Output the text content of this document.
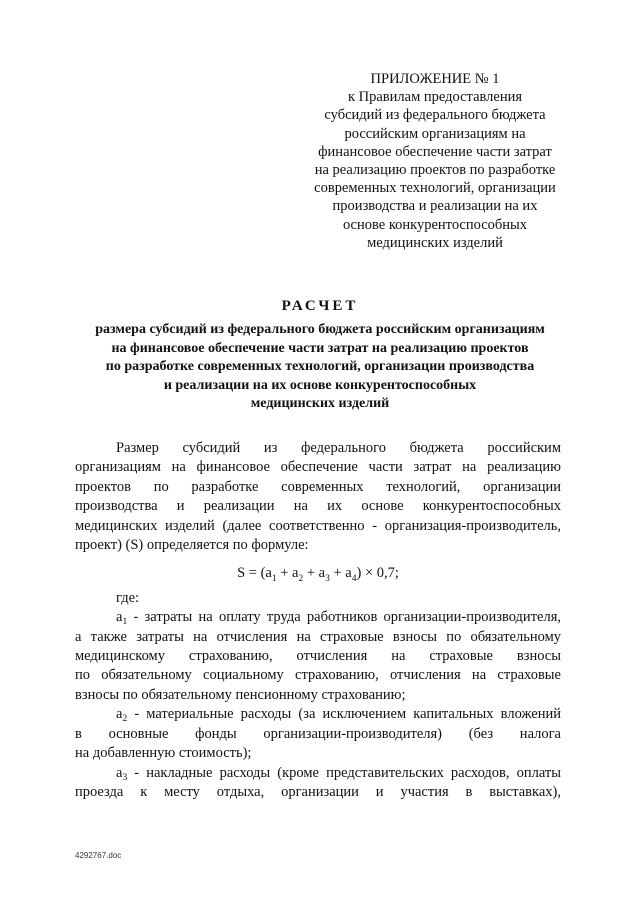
ПРИЛОЖЕНИЕ № 1
к Правилам предоставления
субсидий из федерального бюджета
российским организациям на
финансовое обеспечение части затрат
на реализацию проектов по разработке
современных технологий, организации
производства и реализации на их
основе конкурентоспособных
медицинских изделий
РАСЧЕТ
размера субсидий из федерального бюджета российским организациям
на финансовое обеспечение части затрат на реализацию проектов
по разработке современных технологий, организации производства
и реализации на их основе конкурентоспособных
медицинских изделий
Размер субсидий из федерального бюджета российским
организациям на финансовое обеспечение части затрат на реализацию
проектов по разработке современных технологий, организации
производства и реализации на их основе конкурентоспособных
медицинских изделий (далее соответственно - организация-производитель,
проект) (S) определяется по формуле:
$S = (a_1 + a_2 + a_3 + a_4) \times 0,7$;
где:
$a_1$ - затраты на оплату труда работников организации-производителя,
а также затраты на отчисления на страховые взносы по обязательному
медицинскому страхованию, отчисления на страховые взносы
по обязательному социальному страхованию, отчисления на страховые
взносы по обязательному пенсионному страхованию;
$a_2$ - материальные расходы (за исключением капитальных вложений
в основные фонды организации-производителя) (без налога
на добавленную стоимость);
$a_3$ - накладные расходы (кроме представительских расходов, оплаты
проезда к месту отдыха, организации и участия в выставках),
4292767.doc
